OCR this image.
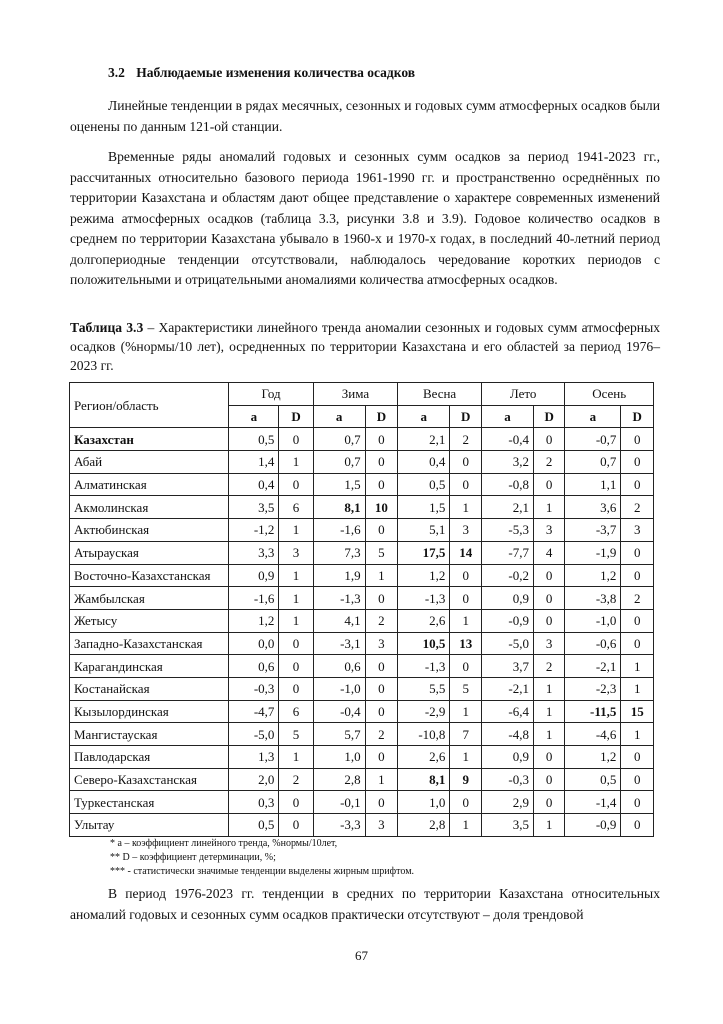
3.2 Наблюдаемые изменения количества осадков

Линейные тенденции в рядах месячных, сезонных и годовых сумм атмосферных осадков были оценены по данным 121-ой станции.

Временные ряды аномалий годовых и сезонных сумм осадков за период 1941-2023 гг., рассчитанных относительно базового периода 1961-1990 гг. и пространственно осреднённых по территории Казахстана и областям дают общее представление о характере современных изменений режима атмосферных осадков (таблица 3.3, рисунки 3.8 и 3.9). Годовое количество осадков в среднем по территории Казахстана убывало в 1960-х и 1970-х годах, в последний 40-летний период долгопериодные тенденции отсутствовали, наблюдалось чередование коротких периодов с положительными и отрицательными аномалиями количества атмосферных осадков.

Таблица 3.3 – Характеристики линейного тренда аномалии сезонных и годовых сумм атмосферных осадков (%нормы/10 лет), осредненных по территории Казахстана и его областей за период 1976–2023 гг.

Регион/область	Год		Зима		Весна		Лето		Осень	
	a	D	a	D	a	D	a	D	a	D
Казахстан	0,5	0	0,7	0	2,1	2	-0,4	0	-0,7	0
Абай	1,4	1	0,7	0	0,4	0	3,2	2	0,7	0
Алматинская	0,4	0	1,5	0	0,5	0	-0,8	0	1,1	0
Акмолинская	3,5	6	8,1	10	1,5	1	2,1	1	3,6	2
Актюбинская	-1,2	1	-1,6	0	5,1	3	-5,3	3	-3,7	3
Атырауская	3,3	3	7,3	5	17,5	14	-7,7	4	-1,9	0
Восточно-Казахстанская	0,9	1	1,9	1	1,2	0	-0,2	0	1,2	0
Жамбылская	-1,6	1	-1,3	0	-1,3	0	0,9	0	-3,8	2
Жетысу	1,2	1	4,1	2	2,6	1	-0,9	0	-1,0	0
Западно-Казахстанская	0,0	0	-3,1	3	10,5	13	-5,0	3	-0,6	0
Карагандинская	0,6	0	0,6	0	-1,3	0	3,7	2	-2,1	1
Костанайская	-0,3	0	-1,0	0	5,5	5	-2,1	1	-2,3	1
Кызылординская	-4,7	6	-0,4	0	-2,9	1	-6,4	1	-11,5	15
Мангистауская	-5,0	5	5,7	2	-10,8	7	-4,8	1	-4,6	1
Павлодарская	1,3	1	1,0	0	2,6	1	0,9	0	1,2	0
Северо-Казахстанская	2,0	2	2,8	1	8,1	9	-0,3	0	0,5	0
Туркестанская	0,3	0	-0,1	0	1,0	0	2,9	0	-1,4	0
Улытау	0,5	0	-3,3	3	2,8	1	3,5	1	-0,9	0
* a – коэффициент линейного тренда, %нормы/10лет,
** D – коэффициент детерминации, %;
*** - статистически значимые тенденции выделены жирным шрифтом.

В период 1976-2023 гг. тенденции в средних по территории Казахстана относительных аномалий годовых и сезонных сумм осадков практически отсутствуют – доля трендовой

67
